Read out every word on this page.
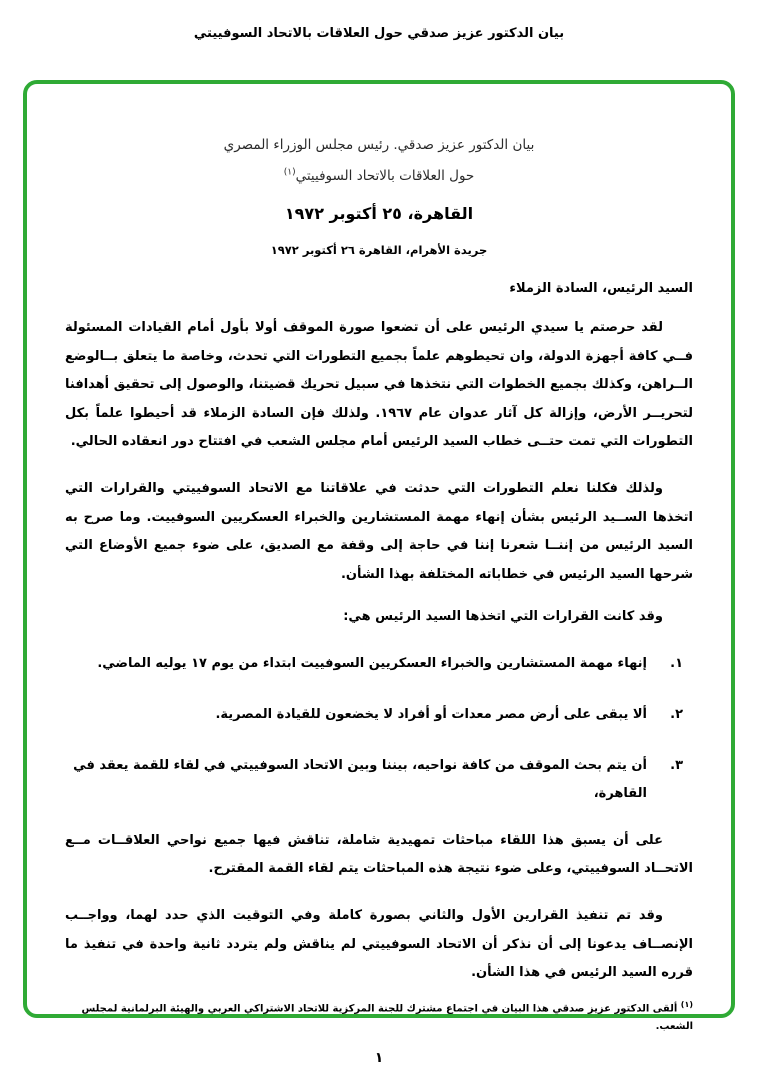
بيان الدكتور عزيز صدقي حول العلاقات بالاتحاد السوفييتي
بيان الدكتور عزيز صدقي. رئيس مجلس الوزراء المصري
حول العلاقات بالاتحاد السوفييتي$^{(١)}$
القاهرة، ٢٥ أكتوبر ١٩٧٢
جريدة الأهرام، القاهرة ٢٦ أكتوبر ١٩٧٢
السيد الرئيس، السادة الزملاء

لقد حرصتم يا سيدي الرئيس على أن تضعوا صورة الموقف أولا بأول أمام القيادات المسئولة فــي كافة أجهزة الدولة، وان تحيطوهم علماً بجميع التطورات التي تحدث، وخاصة ما يتعلق بــالوضع الــراهن، وكذلك بجميع الخطوات التي نتخذها في سبيل تحريك قضيتنا، والوصول إلى تحقيق أهدافنا لتحريــر الأرض، وإزالة كل آثار عدوان عام ١٩٦٧. ولذلك فإن السادة الزملاء قد أحيطوا علماً بكل التطورات التي تمت حتــى خطاب السيد الرئيس أمام مجلس الشعب في افتتاح دور انعقاده الحالي.

ولذلك فكلنا نعلم التطورات التي حدثت في علاقاتنا مع الاتحاد السوفييتي والقرارات التي اتخذها الســيد الرئيس بشأن إنهاء مهمة المستشارين والخبراء العسكريين السوفييت. وما صرح به السيد الرئيس من إننــا شعرنا إننا في حاجة إلى وقفة مع الصديق، على ضوء جميع الأوضاع التي شرحها السيد الرئيس في خطاباته المختلفة بهذا الشأن.

وقد كانت القرارات التي اتخذها السيد الرئيس هي:
١.
إنهاء مهمة المستشارين والخبراء العسكريين السوفييت ابتداء من يوم ١٧ يوليه الماضي.
٢.
ألا يبقى على أرض مصر معدات أو أفراد لا يخضعون للقيادة المصرية.
٣.
أن يتم بحث الموقف من كافة نواحيه، بيننا وبين الاتحاد السوفييتي في لقاء للقمة يعقد في القاهرة،

على أن يسبق هذا اللقاء مباحثات تمهيدية شاملة، تناقش فيها جميع نواحي العلاقــات مــع الاتحــاد السوفييتي، وعلى ضوء نتيجة هذه المباحثات يتم لقاء القمة المقترح.

وقد تم تنفيذ القرارين الأول والثاني بصورة كاملة وفي التوقيت الذي حدد لهما، وواجــب الإنصــاف يدعونا إلى أن نذكر أن الاتحاد السوفييتي لم يناقش ولم يتردد ثانية واحدة في تنفيذ ما قرره السيد الرئيس في هذا الشأن.

$^{(١)}$ ألقى الدكتور عزيز صدقي هذا البيان في اجتماع مشترك للجنة المركزية للاتحاد الاشتراكي العربي والهيئة البرلمانية لمجلس الشعب.
١
